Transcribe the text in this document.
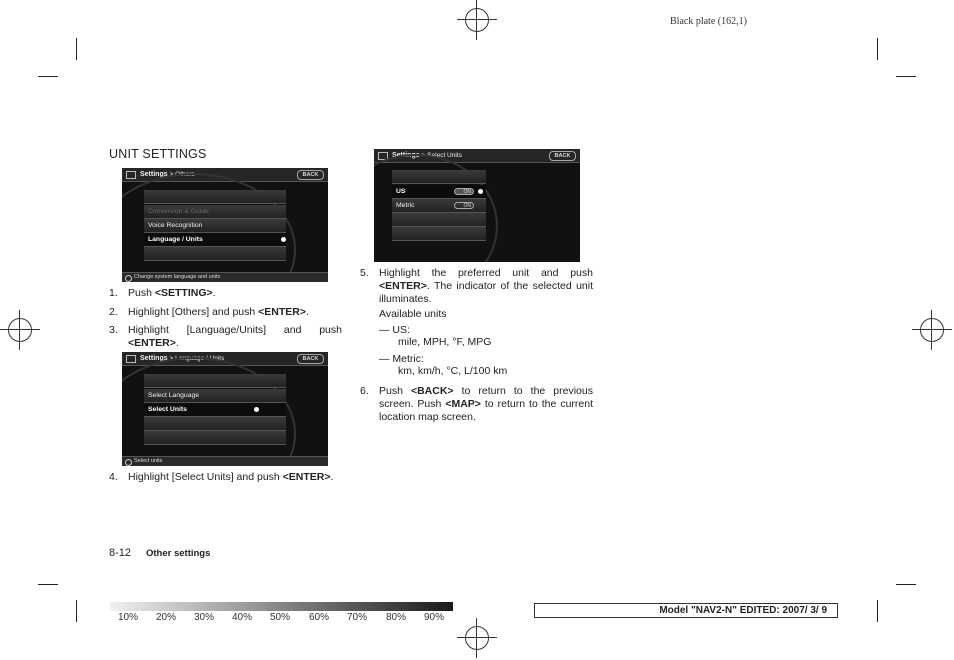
Black plate (162,1)
UNIT SETTINGS
Settings > Others	BACK
Conversion & Guide
Voice Recognition
Language / Units
Change system language and units
1. Push <SETTING>.
2. Highlight [Others] and push <ENTER>.
3. Highlight [Language/Units] and push <ENTER>.
Settings > Language / Units	BACK
Select Language
Select Units
Select units
4. Highlight [Select Units] and push <ENTER>.
Settings > Select Units	BACK
US	ON
Metric	ON
5. Highlight the preferred unit and push <ENTER>. The indicator of the selected unit illuminates.
Available units
— US:
mile, MPH, °F, MPG
— Metric:
km, km/h, °C, L/100 km
6. Push <BACK> to return to the previous screen. Push <MAP> to return to the current location map screen.
8-12 Other settings
10% 20% 30% 40% 50% 60% 70% 80% 90%
Model "NAV2-N" EDITED: 2007/ 3/ 9
